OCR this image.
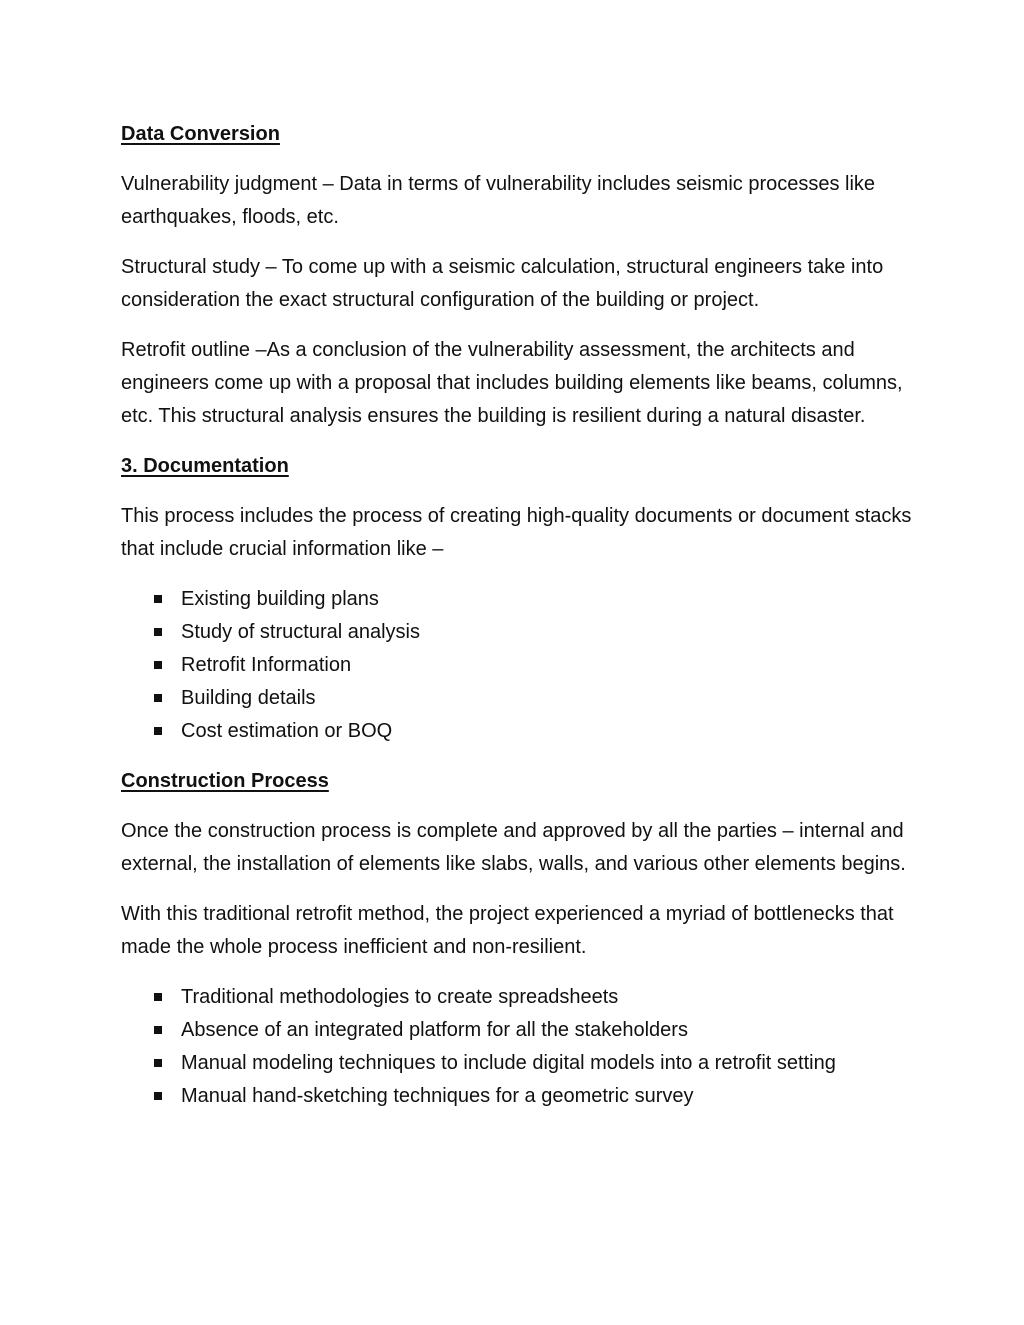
Data Conversion

Vulnerability judgment – Data in terms of vulnerability includes seismic processes like earthquakes, floods, etc.

Structural study – To come up with a seismic calculation, structural engineers take into consideration the exact structural configuration of the building or project.

Retrofit outline –As a conclusion of the vulnerability assessment, the architects and engineers come up with a proposal that includes building elements like beams, columns, etc. This structural analysis ensures the building is resilient during a natural disaster.

3. Documentation

This process includes the process of creating high-quality documents or document stacks that include crucial information like –

Existing building plans
Study of structural analysis
Retrofit Information
Building details
Cost estimation or BOQ
Construction Process

Once the construction process is complete and approved by all the parties – internal and external, the installation of elements like slabs, walls, and various other elements begins.

With this traditional retrofit method, the project experienced a myriad of bottlenecks that made the whole process inefficient and non-resilient.

Traditional methodologies to create spreadsheets
Absence of an integrated platform for all the stakeholders
Manual modeling techniques to include digital models into a retrofit setting
Manual hand-sketching techniques for a geometric survey
